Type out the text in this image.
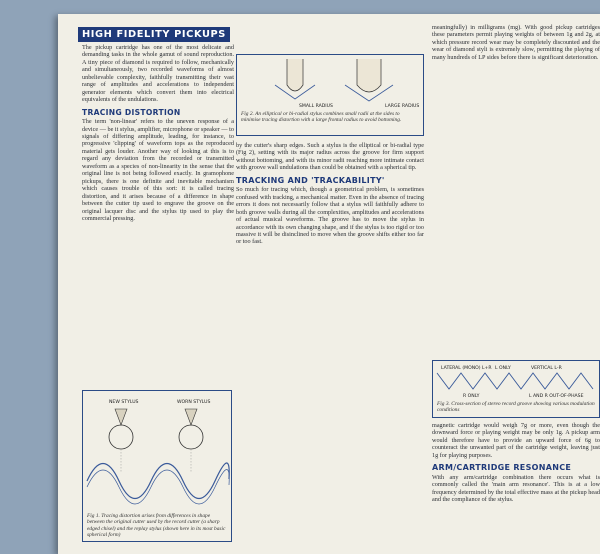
HIGH FIDELITY PICKUPS

The pickup cartridge has one of the most delicate and demanding tasks in the whole gamut of sound reproduction. A tiny piece of diamond is required to follow, mechanically and simultaneously, two recorded waveforms of almost unbelievable complexity, faithfully transmitting their vast range of amplitudes and accelerations to independent generator elements which convert them into electrical equivalents of the undulations.

TRACING DISTORTION

The term 'non-linear' refers to the uneven response of a device — be it stylus, amplifier, microphone or speaker — to signals of differing amplitude, leading, for instance, to progressive 'clipping' of waveform tops as the reproduced material gets louder. Another way of looking at this is to regard any deviation from the recorded or transmitted waveform as a species of non-linearity in the sense that the original line is not being followed exactly. In gramophone pickups, there is one definite and inevitable mechanism which causes trouble of this sort: it is called tracing distortion, and it arises because of a difference in shape between the cutter tip used to engrave the groove on the original lacquer disc and the stylus tip used to play the commercial pressing.

NEW STYLUS	WORN STYLUS
Fig 1. Tracing distortion arises from differences in shape between the original cutter used by the record cutter (a sharp edged chisel) and the replay stylus (shown here in its most basic spherical form)
SMALL RADIUS	LARGE RADIUS
Fig 2. An elliptical or bi-radial stylus combines small radii at the sides to minimise tracing distortion with a large frontal radius to avoid bottoming.

by the cutter's sharp edges. Such a stylus is the elliptical or bi-radial type (Fig 2), setting with its major radius across the groove for firm support without bottoming, and with its minor radii reaching more intimate contact with groove wall undulations than could be obtained with a spherical tip.

TRACKING AND 'TRACKABILITY'

So much for tracing which, though a geometrical problem, is sometimes confused with tracking, a mechanical matter. Even in the absence of tracing errors it does not necessarily follow that a stylus will faithfully adhere to both groove walls during all the complexities, amplitudes and accelerations of actual musical waveforms. The groove has to move the stylus in accordance with its own changing shape, and if the stylus is too rigid or too massive it will be disinclined to move when the groove shifts either too far or too fast.

meaningfully) in milligrams (mg). With good pickup cartridges these parameters permit playing weights of between 1g and 2g, at which pressure record wear may be completely discounted and the wear of diamond styli is extremely slow, permitting the playing of many hundreds of LP sides before there is significant deterioration.

LATERAL (MONO) L+R L ONLY	VERTICAL L-R
L AND R OUT-OF-PHASE
R ONLY
Fig 3. Cross-section of stereo record groove showing various modulation conditions

magnetic cartridge would weigh 7g or more, even though the downward force or playing weight may be only 1g. A pickup arm would therefore have to provide an upward force of 6g to counteract the unwanted part of the cartridge weight, leaving just 1g for playing purposes.

ARM/CARTRIDGE RESONANCE

With any arm/cartridge combination there occurs what is commonly called the 'main arm resonance'. This is at a low frequency determined by the total effective mass at the pickup head and the compliance of the stylus.
